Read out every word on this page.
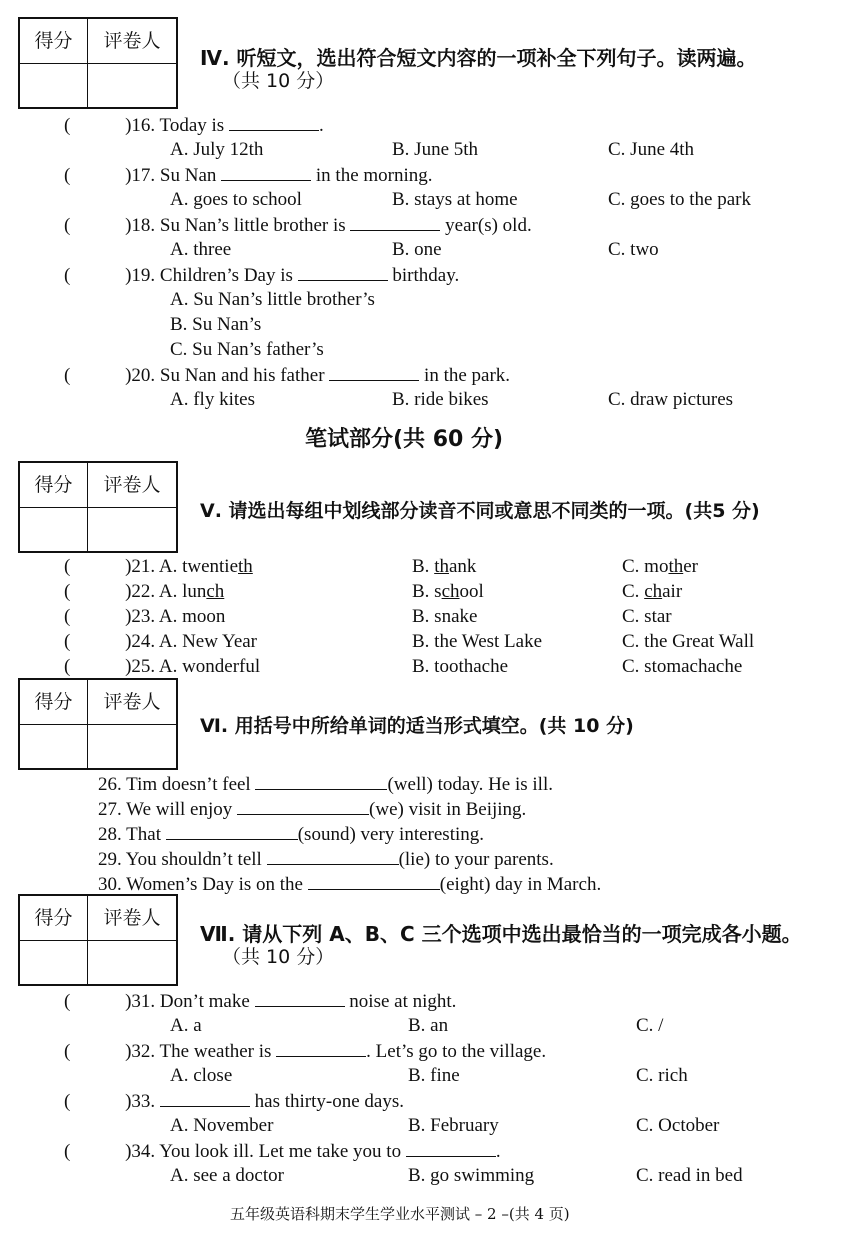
得分	评卷人
Ⅳ. 听短文，选出符合短文内容的一项补全下列句子。读两遍。
（共 10 分）
(	)16. Today is	.
A. July 12th	B. June 5th	C. June 4th
(	)17. Su Nan	in the morning.
A. goes to school	B. stays at home	C. goes to the park
(	)18. Su Nan’s little brother is	year(s) old.
A. three	B. one	C. two
(	)19. Children’s Day is	birthday.
A. Su Nan’s little brother’s
B. Su Nan’s
C. Su Nan’s father’s
(	)20. Su Nan and his father	in the park.
A. fly kites	B. ride bikes	C. draw pictures
笔试部分(共 60 分)
得分	评卷人
Ⅴ. 请选出每组中划线部分读音不同或意思不同类的一项。(共5 分)
(	)21. A. twentieth	B. thank	C. mother
(	)22. A. lunch	B. school	C. chair
(	)23. A. moon	B. snake	C. star
(	)24. A. New Year	B. the West Lake	C. the Great Wall
(	)25. A. wonderful	B. toothache	C. stomachache
得分	评卷人
Ⅵ. 用括号中所给单词的适当形式填空。(共 10 分)
26. Tim doesn’t feel	(well) today. He is ill.
27. We will enjoy	(we) visit in Beijing.
28. That	(sound) very interesting.
29. You shouldn’t tell	(lie) to your parents.
30. Women’s Day is on the	(eight) day in March.
得分	评卷人
Ⅶ. 请从下列 A、B、C 三个选项中选出最恰当的一项完成各小题。
（共 10 分）
(	)31. Don’t make	noise at night.
A. a	B. an	C. /
(	)32. The weather is	. Let’s go to the village.
A. close	B. fine	C. rich
(	)33.	has thirty-one days.
A. November	B. February	C. October
(	)34. You look ill. Let me take you to	.
A. see a doctor	B. go swimming	C. read in bed
五年级英语科期末学生学业水平测试 – 2 –(共 4 页)
